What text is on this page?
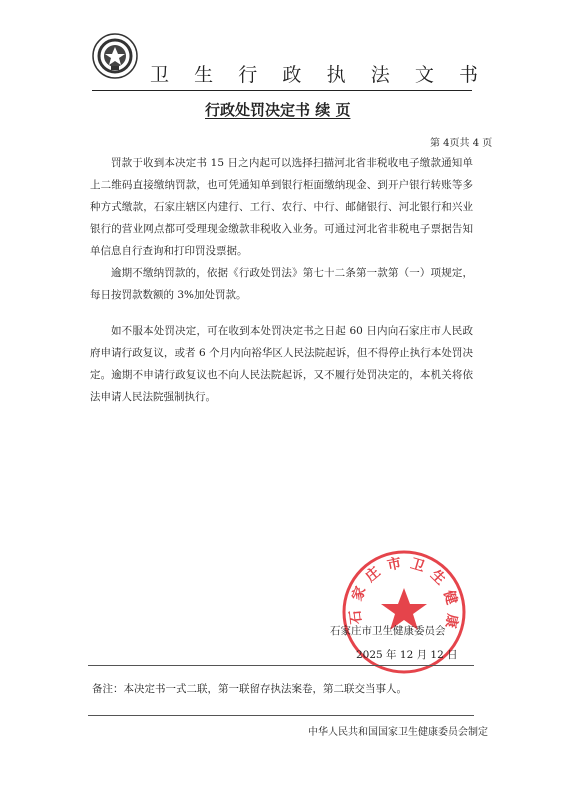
卫生行政执法文书
行政处罚决定书 续 页
第 4页共 4 页

罚款于收到本决定书 15 日之内起可以选择扫描河北省非税收电子缴款通知单上二维码直接缴纳罚款，也可凭通知单到银行柜面缴纳现金、到开户银行转账等多种方式缴款，石家庄辖区内建行、工行、农行、中行、邮储银行、河北银行和兴业银行的营业网点都可受理现金缴款非税收入业务。可通过河北省非税电子票据告知单信息自行查询和打印罚没票据。

逾期不缴纳罚款的，依据《行政处罚法》第七十二条第一款第（一）项规定，每日按罚款数额的 3%加处罚款。

如不服本处罚决定，可在收到本处罚决定书之日起 60 日内向石家庄市人民政府申请行政复议，或者 6 个月内向裕华区人民法院起诉，但不得停止执行本处罚决定。逾期不申请行政复议也不向人民法院起诉，又不履行处罚决定的，本机关将依法申请人民法院强制执行。

石家庄市卫生健康
石家庄市卫生健康委员会
2025 年 12 月 12 日
备注：本决定书一式二联，第一联留存执法案卷，第二联交当事人。
中华人民共和国国家卫生健康委员会制定
